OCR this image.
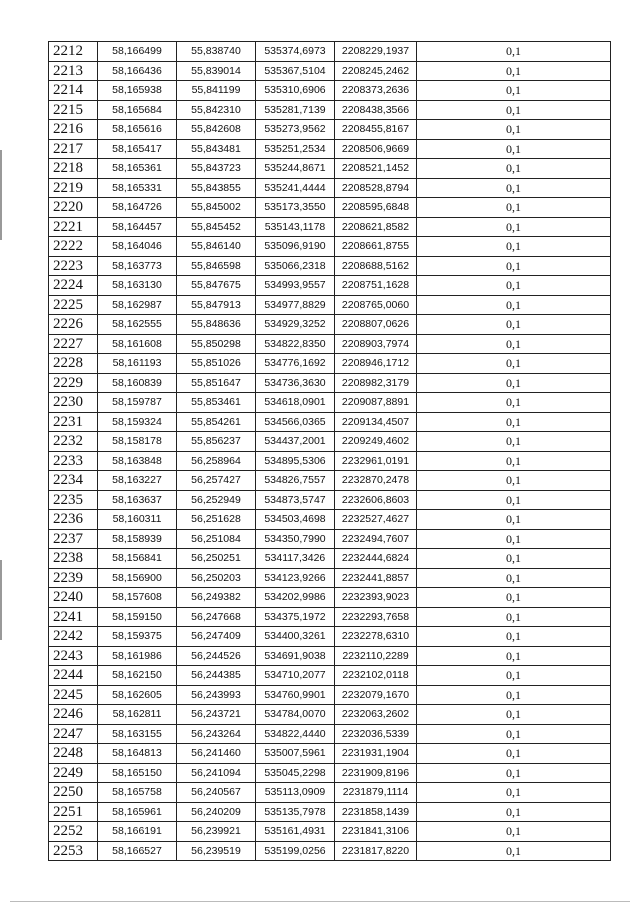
2212	58,166499	55,838740	535374,6973	2208229,1937	0,1
2213	58,166436	55,839014	535367,5104	2208245,2462	0,1
2214	58,165938	55,841199	535310,6906	2208373,2636	0,1
2215	58,165684	55,842310	535281,7139	2208438,3566	0,1
2216	58,165616	55,842608	535273,9562	2208455,8167	0,1
2217	58,165417	55,843481	535251,2534	2208506,9669	0,1
2218	58,165361	55,843723	535244,8671	2208521,1452	0,1
2219	58,165331	55,843855	535241,4444	2208528,8794	0,1
2220	58,164726	55,845002	535173,3550	2208595,6848	0,1
2221	58,164457	55,845452	535143,1178	2208621,8582	0,1
2222	58,164046	55,846140	535096,9190	2208661,8755	0,1
2223	58,163773	55,846598	535066,2318	2208688,5162	0,1
2224	58,163130	55,847675	534993,9557	2208751,1628	0,1
2225	58,162987	55,847913	534977,8829	2208765,0060	0,1
2226	58,162555	55,848636	534929,3252	2208807,0626	0,1
2227	58,161608	55,850298	534822,8350	2208903,7974	0,1
2228	58,161193	55,851026	534776,1692	2208946,1712	0,1
2229	58,160839	55,851647	534736,3630	2208982,3179	0,1
2230	58,159787	55,853461	534618,0901	2209087,8891	0,1
2231	58,159324	55,854261	534566,0365	2209134,4507	0,1
2232	58,158178	55,856237	534437,2001	2209249,4602	0,1
2233	58,163848	56,258964	534895,5306	2232961,0191	0,1
2234	58,163227	56,257427	534826,7557	2232870,2478	0,1
2235	58,163637	56,252949	534873,5747	2232606,8603	0,1
2236	58,160311	56,251628	534503,4698	2232527,4627	0,1
2237	58,158939	56,251084	534350,7990	2232494,7607	0,1
2238	58,156841	56,250251	534117,3426	2232444,6824	0,1
2239	58,156900	56,250203	534123,9266	2232441,8857	0,1
2240	58,157608	56,249382	534202,9986	2232393,9023	0,1
2241	58,159150	56,247668	534375,1972	2232293,7658	0,1
2242	58,159375	56,247409	534400,3261	2232278,6310	0,1
2243	58,161986	56,244526	534691,9038	2232110,2289	0,1
2244	58,162150	56,244385	534710,2077	2232102,0118	0,1
2245	58,162605	56,243993	534760,9901	2232079,1670	0,1
2246	58,162811	56,243721	534784,0070	2232063,2602	0,1
2247	58,163155	56,243264	534822,4440	2232036,5339	0,1
2248	58,164813	56,241460	535007,5961	2231931,1904	0,1
2249	58,165150	56,241094	535045,2298	2231909,8196	0,1
2250	58,165758	56,240567	535113,0909	2231879,1114	0,1
2251	58,165961	56,240209	535135,7978	2231858,1439	0,1
2252	58,166191	56,239921	535161,4931	2231841,3106	0,1
2253	58,166527	56,239519	535199,0256	2231817,8220	0,1
